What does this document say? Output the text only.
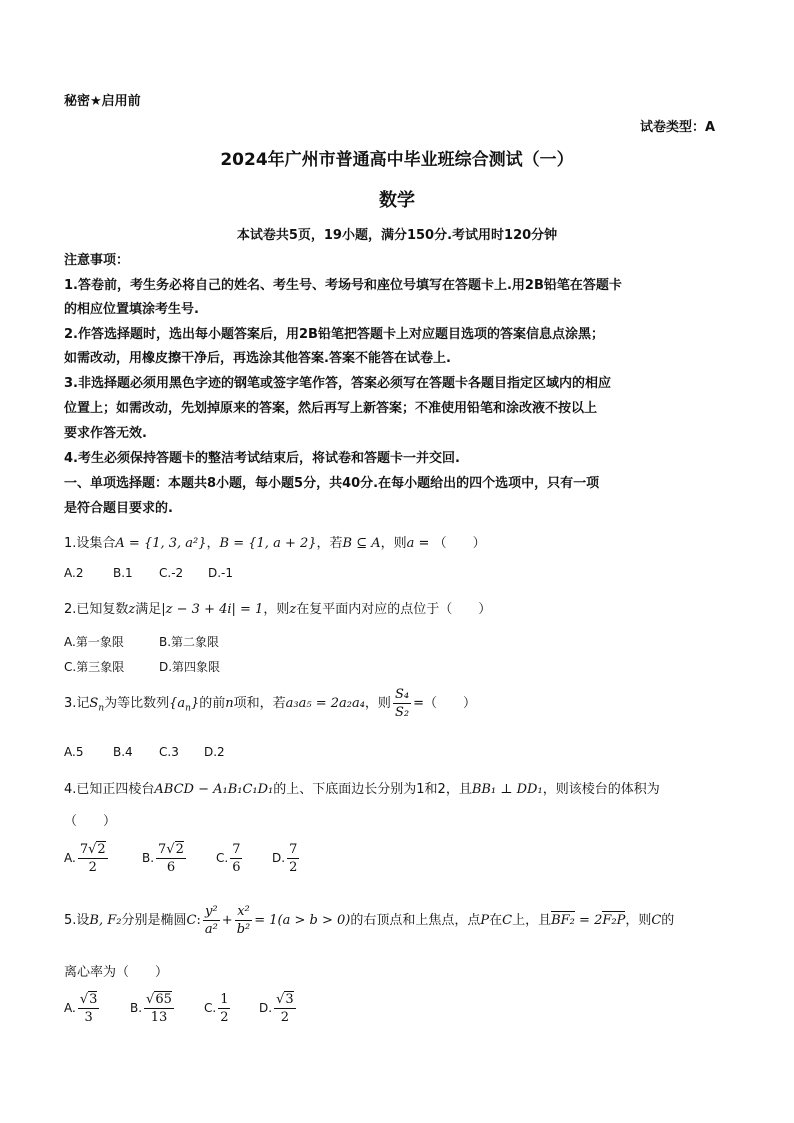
秘密★启用前
试卷类型：A
2024年广州市普通高中毕业班综合测试（一）
数学
本试卷共5页，19小题，满分150分.考试用时120分钟
注意事项：
1.答卷前，考生务必将自己的姓名、考生号、考场号和座位号填写在答题卡上.用2B铅笔在答题卡
的相应位置填涂考生号.
2.作答选择题时，选出每小题答案后，用2B铅笔把答题卡上对应题目选项的答案信息点涂黑；
如需改动，用橡皮擦干净后，再选涂其他答案.答案不能答在试卷上.
3.非选择题必须用黑色字迹的钢笔或签字笔作答，答案必须写在答题卡各题目指定区域内的相应
位置上；如需改动，先划掉原来的答案，然后再写上新答案；不准使用铅笔和涂改液不按以上
要求作答无效.
4.考生必须保持答题卡的整洁考试结束后，将试卷和答题卡一并交回.
一、单项选择题：本题共8小题，每小题5分，共40分.在每小题给出的四个选项中，只有一项
是符合题目要求的.
1.设集合A = {1, 3, a²}，B = {1, a + 2}，若B ⊆ A，则a = （　　）
A.2 B.1 C.-2 D.-1
2.已知复数z满足|z − 3 + 4i| = 1，则z在复平面内对应的点位于（　　）
A.第一象限	B.第二象限
C.第三象限	D.第四象限
3.记$S_n$为等比数列$\{a_n\}$的前n项和，若a₃a₅ = 2a₂a₄，则 $\frac{\text{S₄}}{\text{S₂}}$ =（　　）
A.5 B.4 C.3 D.2
4.已知正四棱台ABCD − A₁B₁C₁D₁的上、下底面边长分别为1和2，且BB₁ ⊥ DD₁，则该棱台的体积为
（　　）
A. $\frac{7√2}{2}$	B. $\frac{7√2}{6}$	C. $\frac{7}{6} D$. $\frac{7}{2}$
5.设B, F₂分别是椭圆C: $\frac{\text{y²}}{\text{a²}} + \frac{\text{x²}}{\text{b²}} = 1(a > b > 0)$的右顶点和上焦点，点P在C上，且BF₂ = 2F₂P，则C的
离心率为（　　）
A. $\frac{√3}{3}$	B. $\frac{√65}{13}$	C. $\frac{1}{2} D$. $\frac{√3}{2}$
